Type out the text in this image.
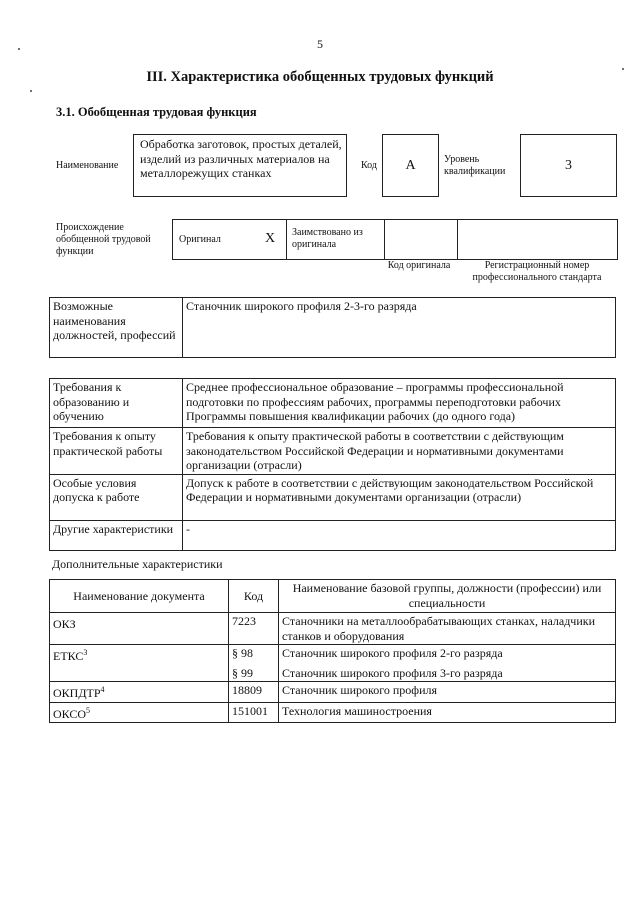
5
III. Характеристика обобщенных трудовых функций
3.1. Обобщенная трудовая функция
Наименование
Обработка заготовок, простых деталей, изделий из различных материалов на металлорежущих станках
Код	A	Уровень квалификации	3
Происхождение обобщенной трудовой функции
Оригинал	X Заимствовано из оригинала
Код оригинала	Регистрационный номер профессионального стандарта
Возможные наименования должностей, профессий	Станочник широкого профиля 2-3-го разряда
Требования к образованию и обучению	Среднее профессиональное образование – программы профессиональной подготовки по профессиям рабочих, программы переподготовки рабочих Программы повышения квалификации рабочих (до одного года)
Требования к опыту практической работы	Требования к опыту практической работы в соответствии с действующим законодательством Российской Федерации и нормативными документами организации (отрасли)
Особые условия допуска к работе	Допуск к работе в соответствии с действующим законодательством Российской Федерации и нормативными документами организации (отрасли)
Другие характеристики	-
Дополнительные характеристики
Наименование документа	Код	Наименование базовой группы, должности (профессии) или специальности
ОКЗ	7223	Станочники на металлообрабатывающих станках, наладчики станков и оборудования
ЕТКС$^3$	§ 98	Станочник широкого профиля 2-го разряда
	§ 99	Станочник широкого профиля 3-го разряда
ОКПДТР$^4$	18809	Станочник широкого профиля
ОКСО$^5$	151001	Технология машиностроения
